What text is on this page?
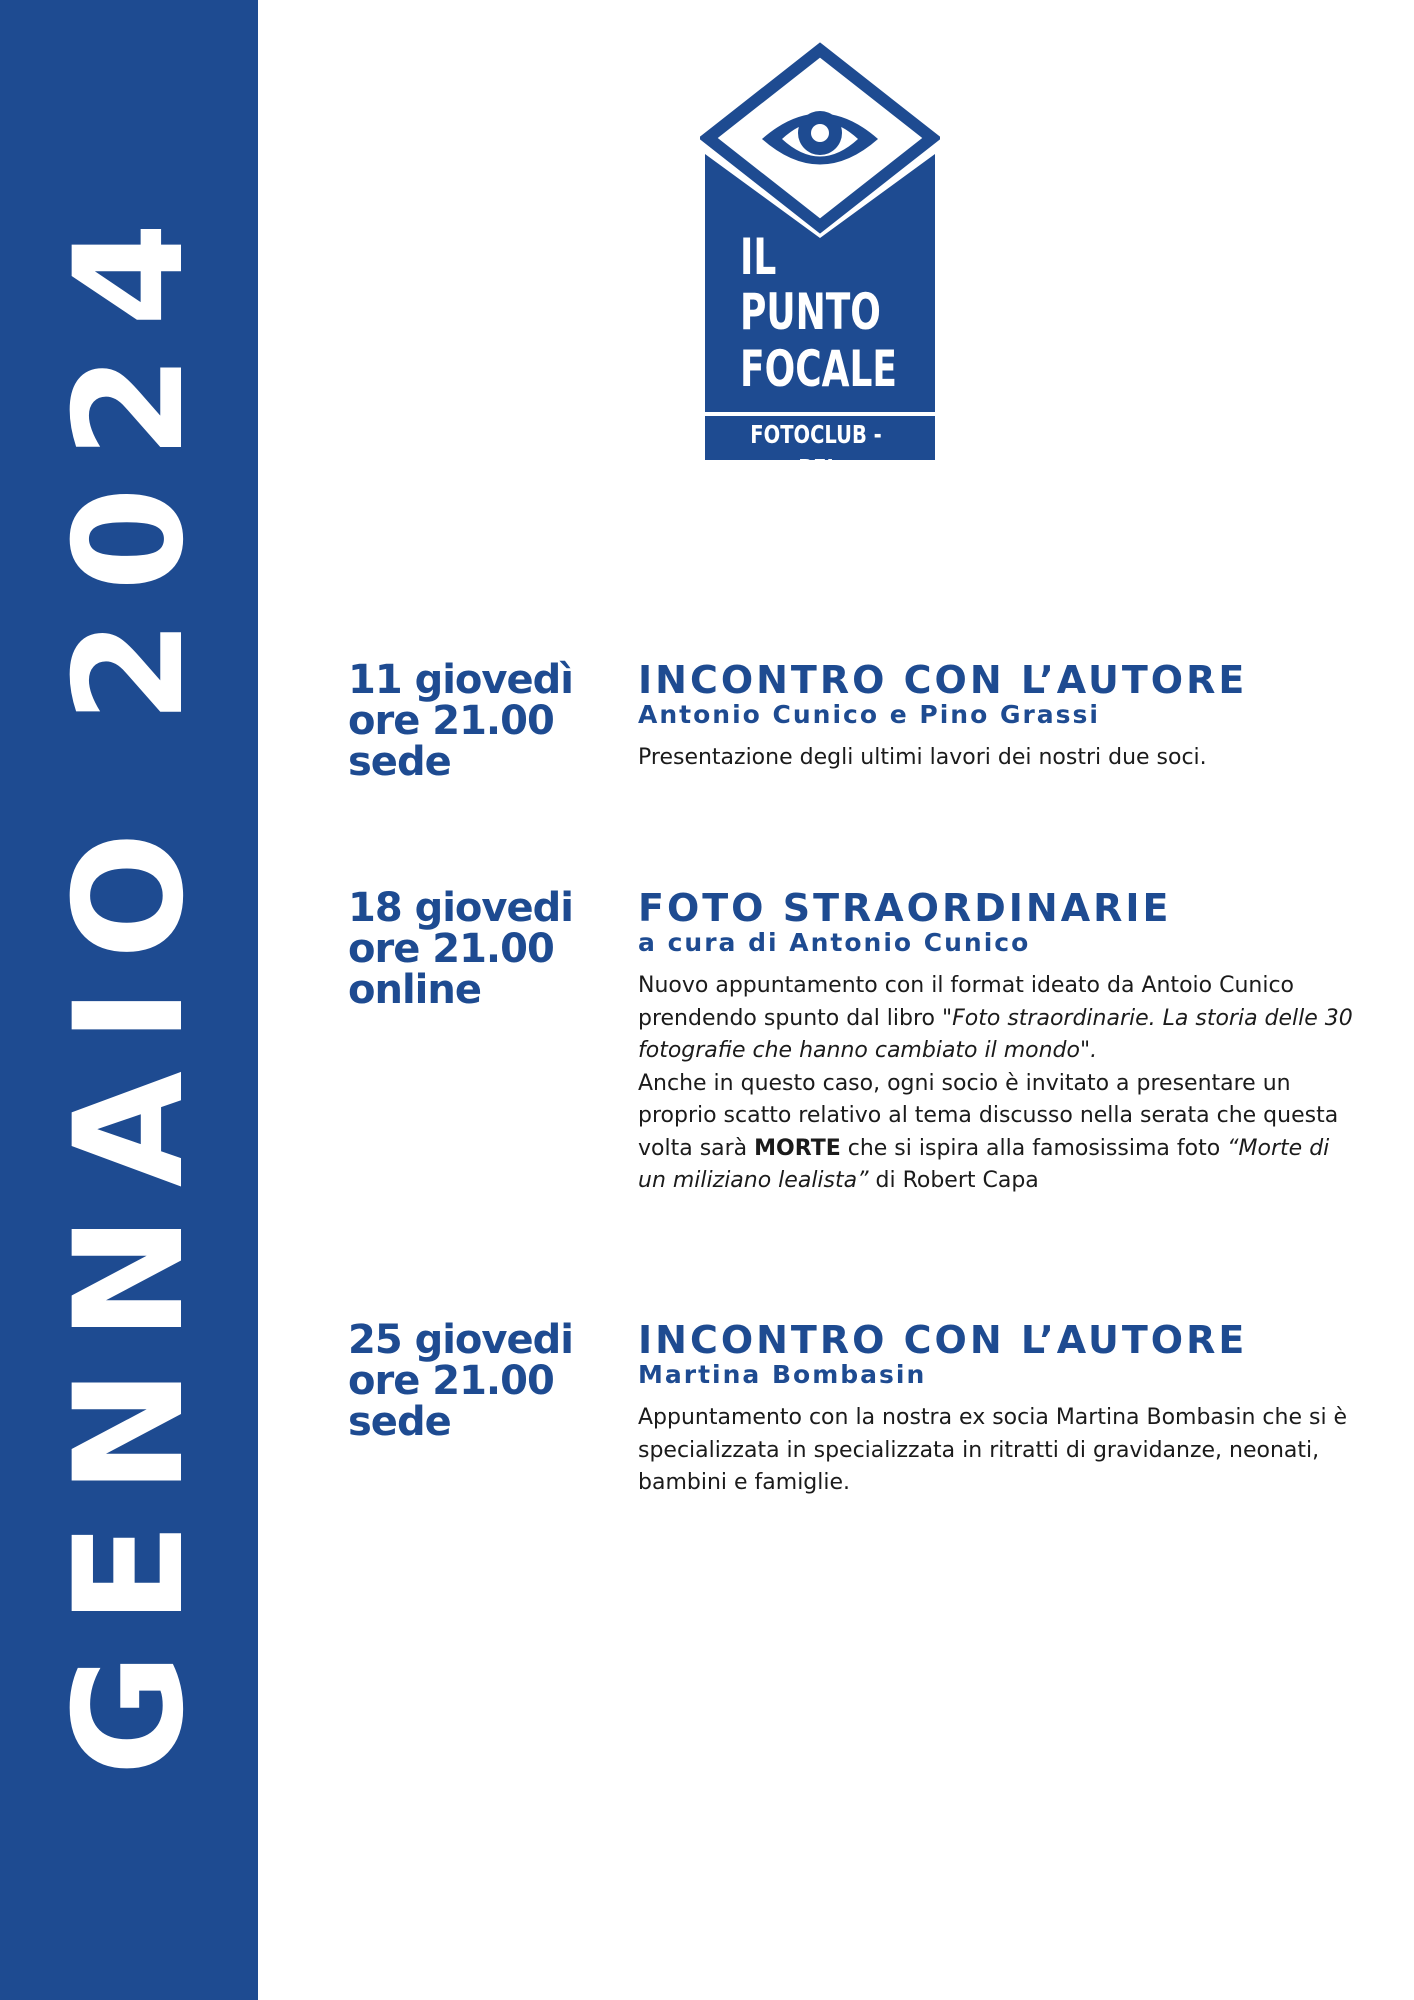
GENNAIO 2024	IL
PUNTO
FOCALE
FOTOCLUB - BFI
11 giovedì
ore 21.00
sede
INCONTRO CON L’AUTORE
Antonio Cunico e Pino Grassi

Presentazione degli ultimi lavori dei nostri due soci.

18 giovedi
ore 21.00
online
FOTO STRAORDINARIE
a cura di Antonio Cunico

Nuovo appuntamento con il format ideato da Antoio Cunico prendendo spunto dal libro "Foto straordinarie. La storia delle 30 fotografie che hanno cambiato il mondo".
Anche in questo caso, ogni socio è invitato a presentare un proprio scatto relativo al tema discusso nella serata che questa volta sarà MORTE che si ispira alla famosissima foto “Morte di un miliziano lealista” di Robert Capa

25 giovedi
ore 21.00
sede
INCONTRO CON L’AUTORE
Martina Bombasin

Appuntamento con la nostra ex socia Martina Bombasin che si è specializzata in specializzata in ritratti di gravidanze, neonati, bambini e famiglie.
